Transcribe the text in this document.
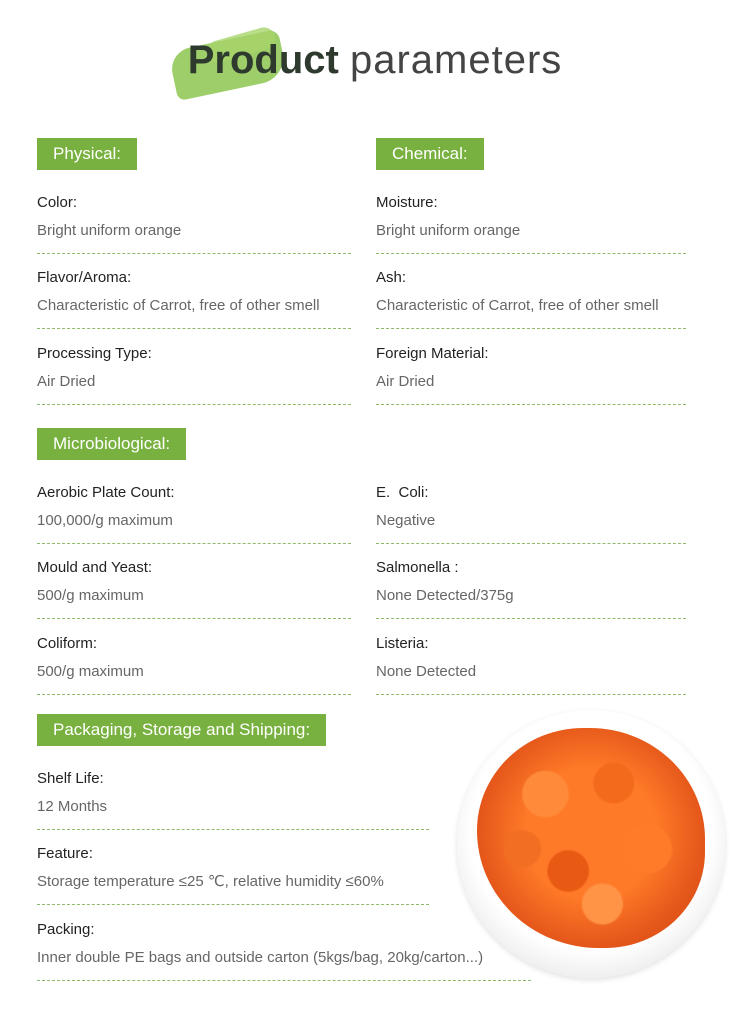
Product parameters
Physical:
Color:
Bright uniform orange
Flavor/Aroma:
Characteristic of Carrot, free of other smell
Processing Type:
Air Dried
Chemical:
Moisture:
Bright uniform orange
Ash:
Characteristic of Carrot, free of other smell
Foreign Material:
Air Dried
Microbiological:
Aerobic Plate Count:
100,000/g maximum
Mould and Yeast:
500/g maximum
Coliform:
500/g maximum
E.  Coli:
Negative
Salmonella :
None Detected/375g
Listeria:
None Detected
Packaging, Storage and Shipping:
Shelf Life:
12 Months
Feature:
Storage temperature ≤25 ℃, relative humidity ≤60%
Packing:
Inner double PE bags and outside carton (5kgs/bag, 20kg/carton...)
